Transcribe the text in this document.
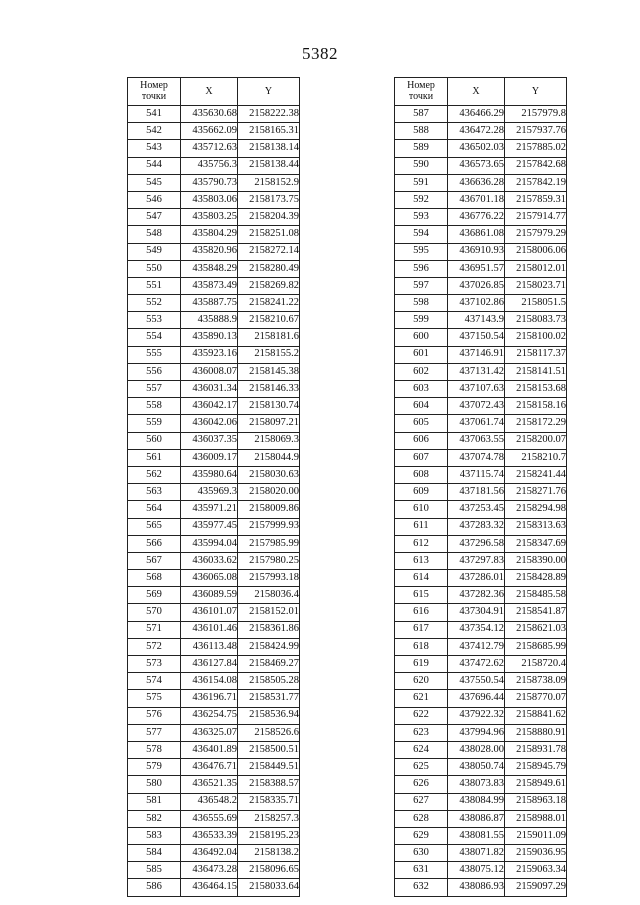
5382
Номер
точки	X	Y
541	435630.68	2158222.38
542	435662.09	2158165.31
543	435712.63	2158138.14
544	435756.3	2158138.44
545	435790.73	2158152.9
546	435803.06	2158173.75
547	435803.25	2158204.39
548	435804.29	2158251.08
549	435820.96	2158272.14
550	435848.29	2158280.49
551	435873.49	2158269.82
552	435887.75	2158241.22
553	435888.9	2158210.67
554	435890.13	2158181.6
555	435923.16	2158155.2
556	436008.07	2158145.38
557	436031.34	2158146.33
558	436042.17	2158130.74
559	436042.06	2158097.21
560	436037.35	2158069.3
561	436009.17	2158044.9
562	435980.64	2158030.63
563	435969.3	2158020.00
564	435971.21	2158009.86
565	435977.45	2157999.93
566	435994.04	2157985.99
567	436033.62	2157980.25
568	436065.08	2157993.18
569	436089.59	2158036.4
570	436101.07	2158152.01
571	436101.46	2158361.86
572	436113.48	2158424.99
573	436127.84	2158469.27
574	436154.08	2158505.28
575	436196.71	2158531.77
576	436254.75	2158536.94
577	436325.07	2158526.6
578	436401.89	2158500.51
579	436476.71	2158449.51
580	436521.35	2158388.57
581	436548.2	2158335.71
582	436555.69	2158257.3
583	436533.39	2158195.23
584	436492.04	2158138.2
585	436473.28	2158096.65
586	436464.15	2158033.64
Номер
точки	X	Y
587	436466.29	2157979.8
588	436472.28	2157937.76
589	436502.03	2157885.02
590	436573.65	2157842.68
591	436636.28	2157842.19
592	436701.18	2157859.31
593	436776.22	2157914.77
594	436861.08	2157979.29
595	436910.93	2158006.06
596	436951.57	2158012.01
597	437026.85	2158023.71
598	437102.86	2158051.5
599	437143.9	2158083.73
600	437150.54	2158100.02
601	437146.91	2158117.37
602	437131.42	2158141.51
603	437107.63	2158153.68
604	437072.43	2158158.16
605	437061.74	2158172.29
606	437063.55	2158200.07
607	437074.78	2158210.7
608	437115.74	2158241.44
609	437181.56	2158271.76
610	437253.45	2158294.98
611	437283.32	2158313.63
612	437296.58	2158347.69
613	437297.83	2158390.00
614	437286.01	2158428.89
615	437282.36	2158485.58
616	437304.91	2158541.87
617	437354.12	2158621.03
618	437412.79	2158685.99
619	437472.62	2158720.4
620	437550.54	2158738.09
621	437696.44	2158770.07
622	437922.32	2158841.62
623	437994.96	2158880.91
624	438028.00	2158931.78
625	438050.74	2158945.79
626	438073.83	2158949.61
627	438084.99	2158963.18
628	438086.87	2158988.01
629	438081.55	2159011.09
630	438071.82	2159036.95
631	438075.12	2159063.34
632	438086.93	2159097.29
